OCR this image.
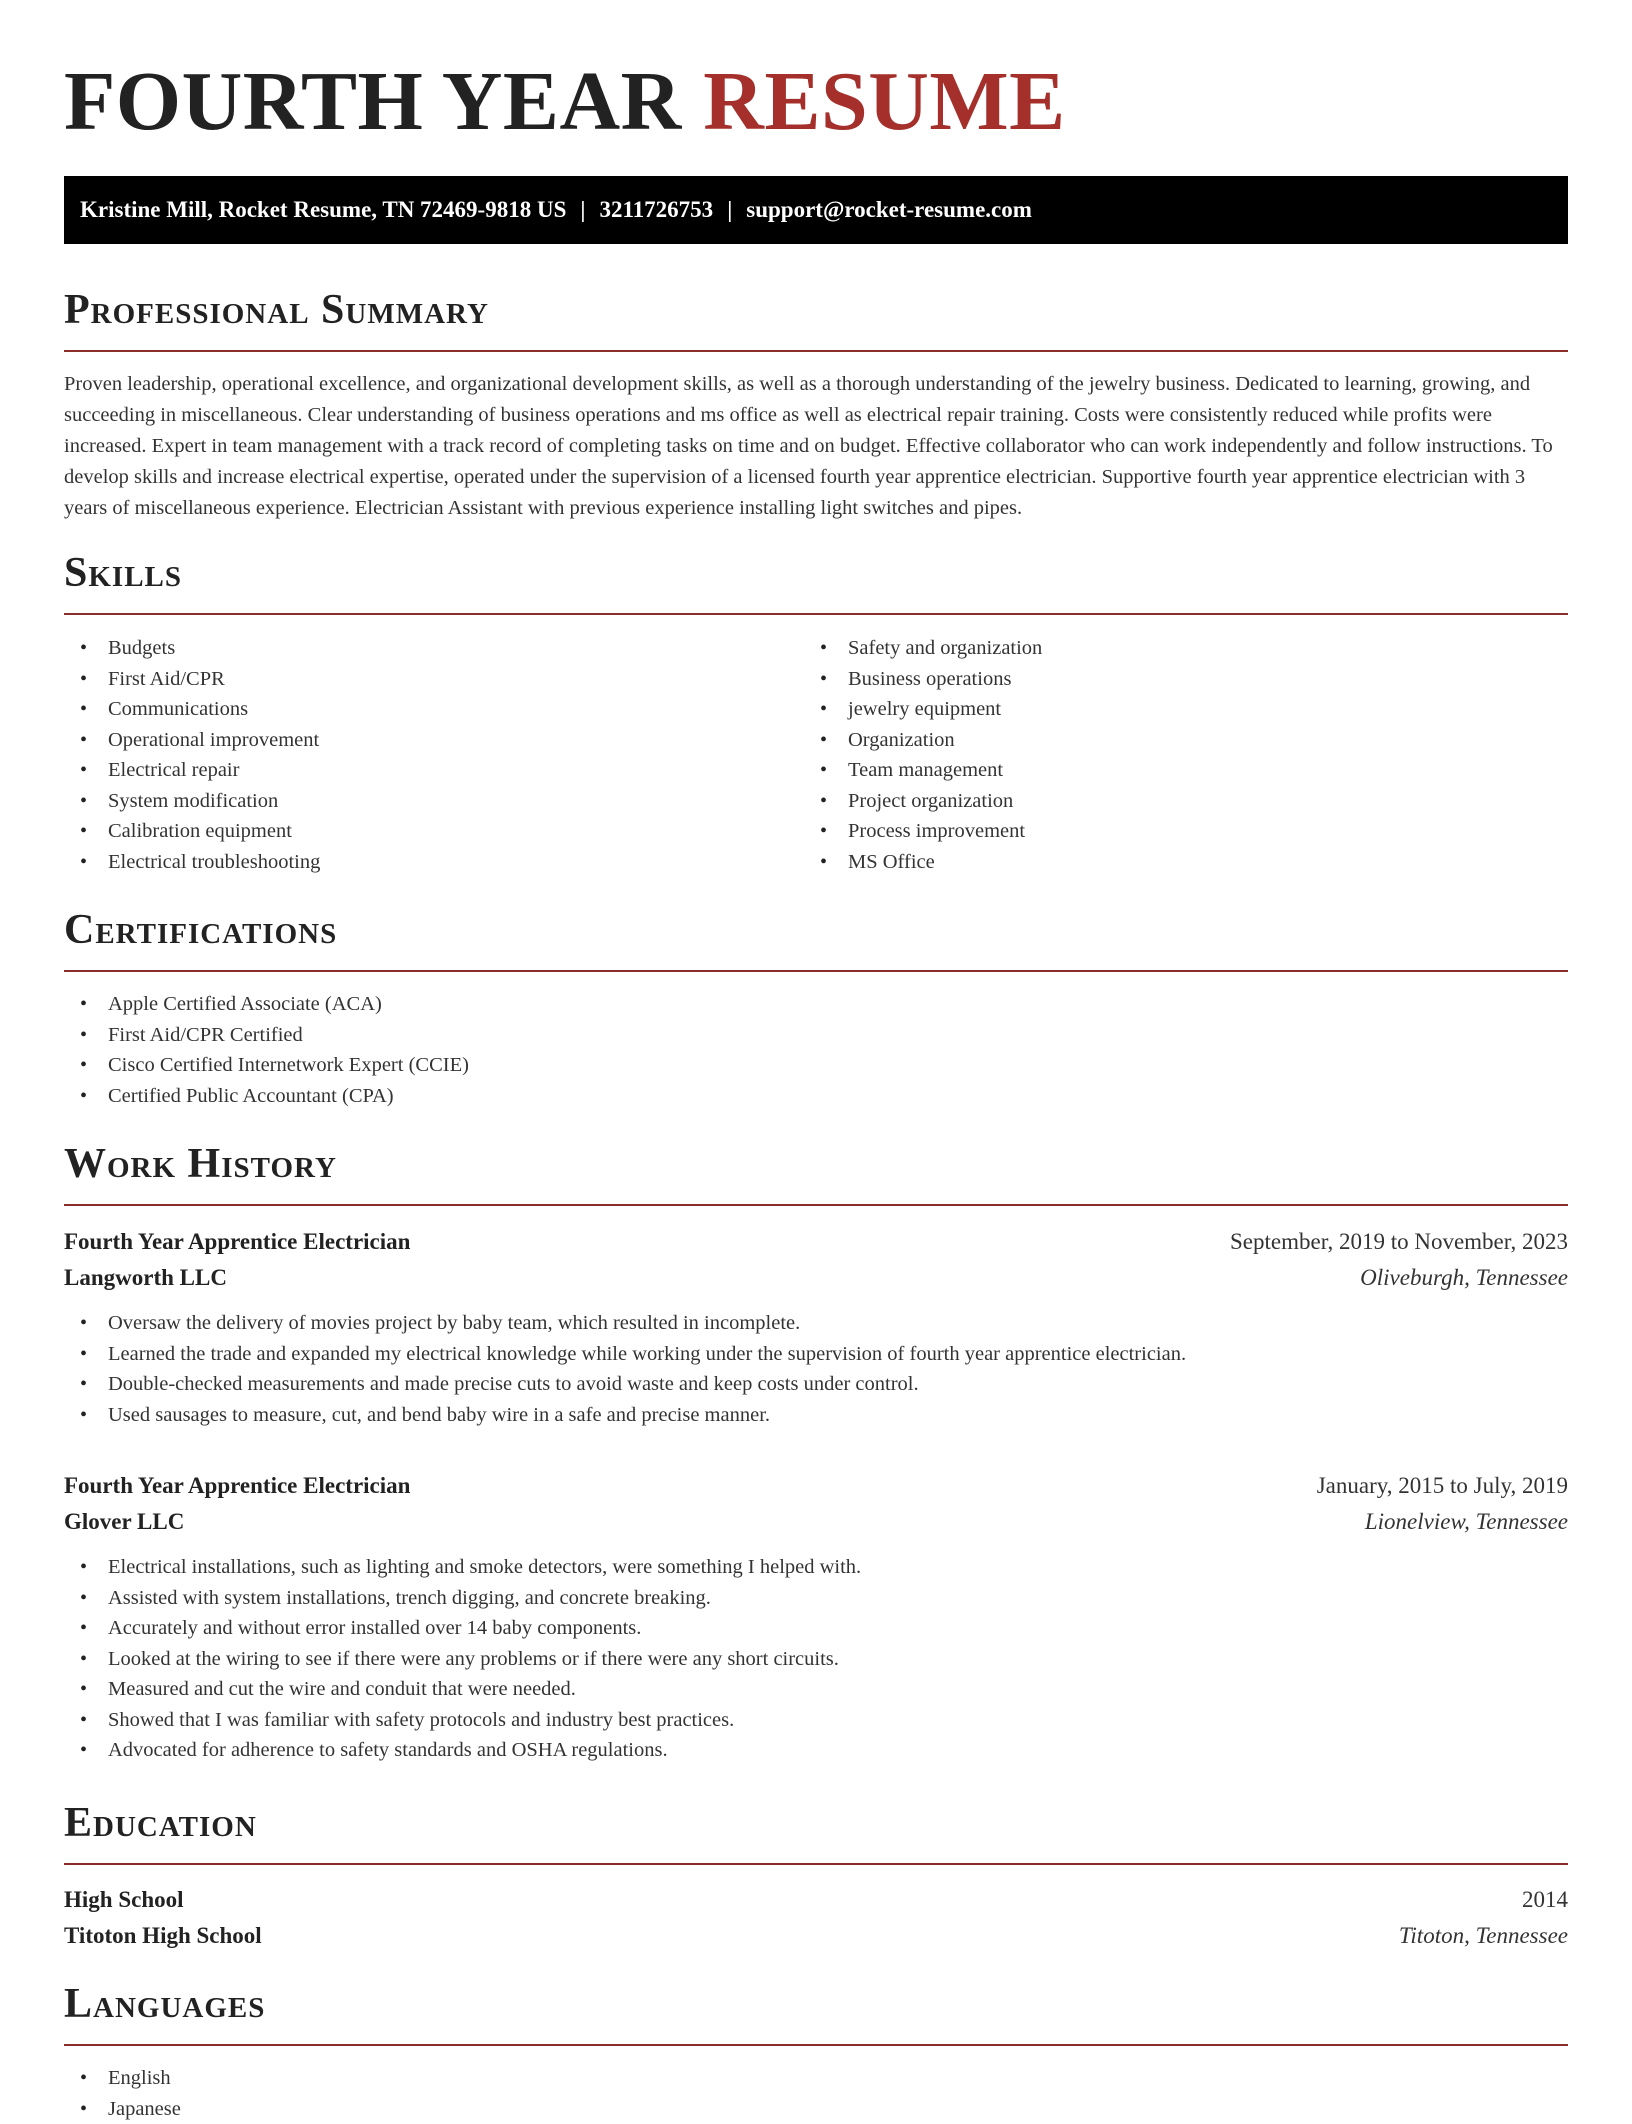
FOURTH YEAR RESUME
Kristine Mill, Rocket Resume, TN 72469-9818 US | 3211726753 | support@rocket-resume.com
Professional Summary

Proven leadership, operational excellence, and organizational development skills, as well as a thorough understanding of the jewelry business. Dedicated to learning, growing, and succeeding in miscellaneous. Clear understanding of business operations and ms office as well as electrical repair training. Costs were consistently reduced while profits were increased. Expert in team management with a track record of completing tasks on time and on budget. Effective collaborator who can work independently and follow instructions. To develop skills and increase electrical expertise, operated under the supervision of a licensed fourth year apprentice electrician. Supportive fourth year apprentice electrician with 3 years of miscellaneous experience. Electrician Assistant with previous experience installing light switches and pipes.

Skills
• Budgets
• First Aid/CPR
• Communications
• Operational improvement
• Electrical repair
• System modification
• Calibration equipment
• Electrical troubleshooting
• Safety and organization
• Business operations
• jewelry equipment
• Organization
• Team management
• Project organization
• Process improvement
• MS Office
Certifications
• Apple Certified Associate (ACA)
• First Aid/CPR Certified
• Cisco Certified Internetwork Expert (CCIE)
• Certified Public Accountant (CPA)
Work History
Fourth Year Apprentice Electrician	September, 2019 to November, 2023
Langworth LLC	Oliveburgh, Tennessee
• Oversaw the delivery of movies project by baby team, which resulted in incomplete.
• Learned the trade and expanded my electrical knowledge while working under the supervision of fourth year apprentice electrician.
• Double-checked measurements and made precise cuts to avoid waste and keep costs under control.
• Used sausages to measure, cut, and bend baby wire in a safe and precise manner.
Fourth Year Apprentice Electrician	January, 2015 to July, 2019
Glover LLC	Lionelview, Tennessee
• Electrical installations, such as lighting and smoke detectors, were something I helped with.
• Assisted with system installations, trench digging, and concrete breaking.
• Accurately and without error installed over 14 baby components.
• Looked at the wiring to see if there were any problems or if there were any short circuits.
• Measured and cut the wire and conduit that were needed.
• Showed that I was familiar with safety protocols and industry best practices.
• Advocated for adherence to safety standards and OSHA regulations.
Education
High School	2014
Titoton High School	Titoton, Tennessee
Languages
• English
• Japanese
